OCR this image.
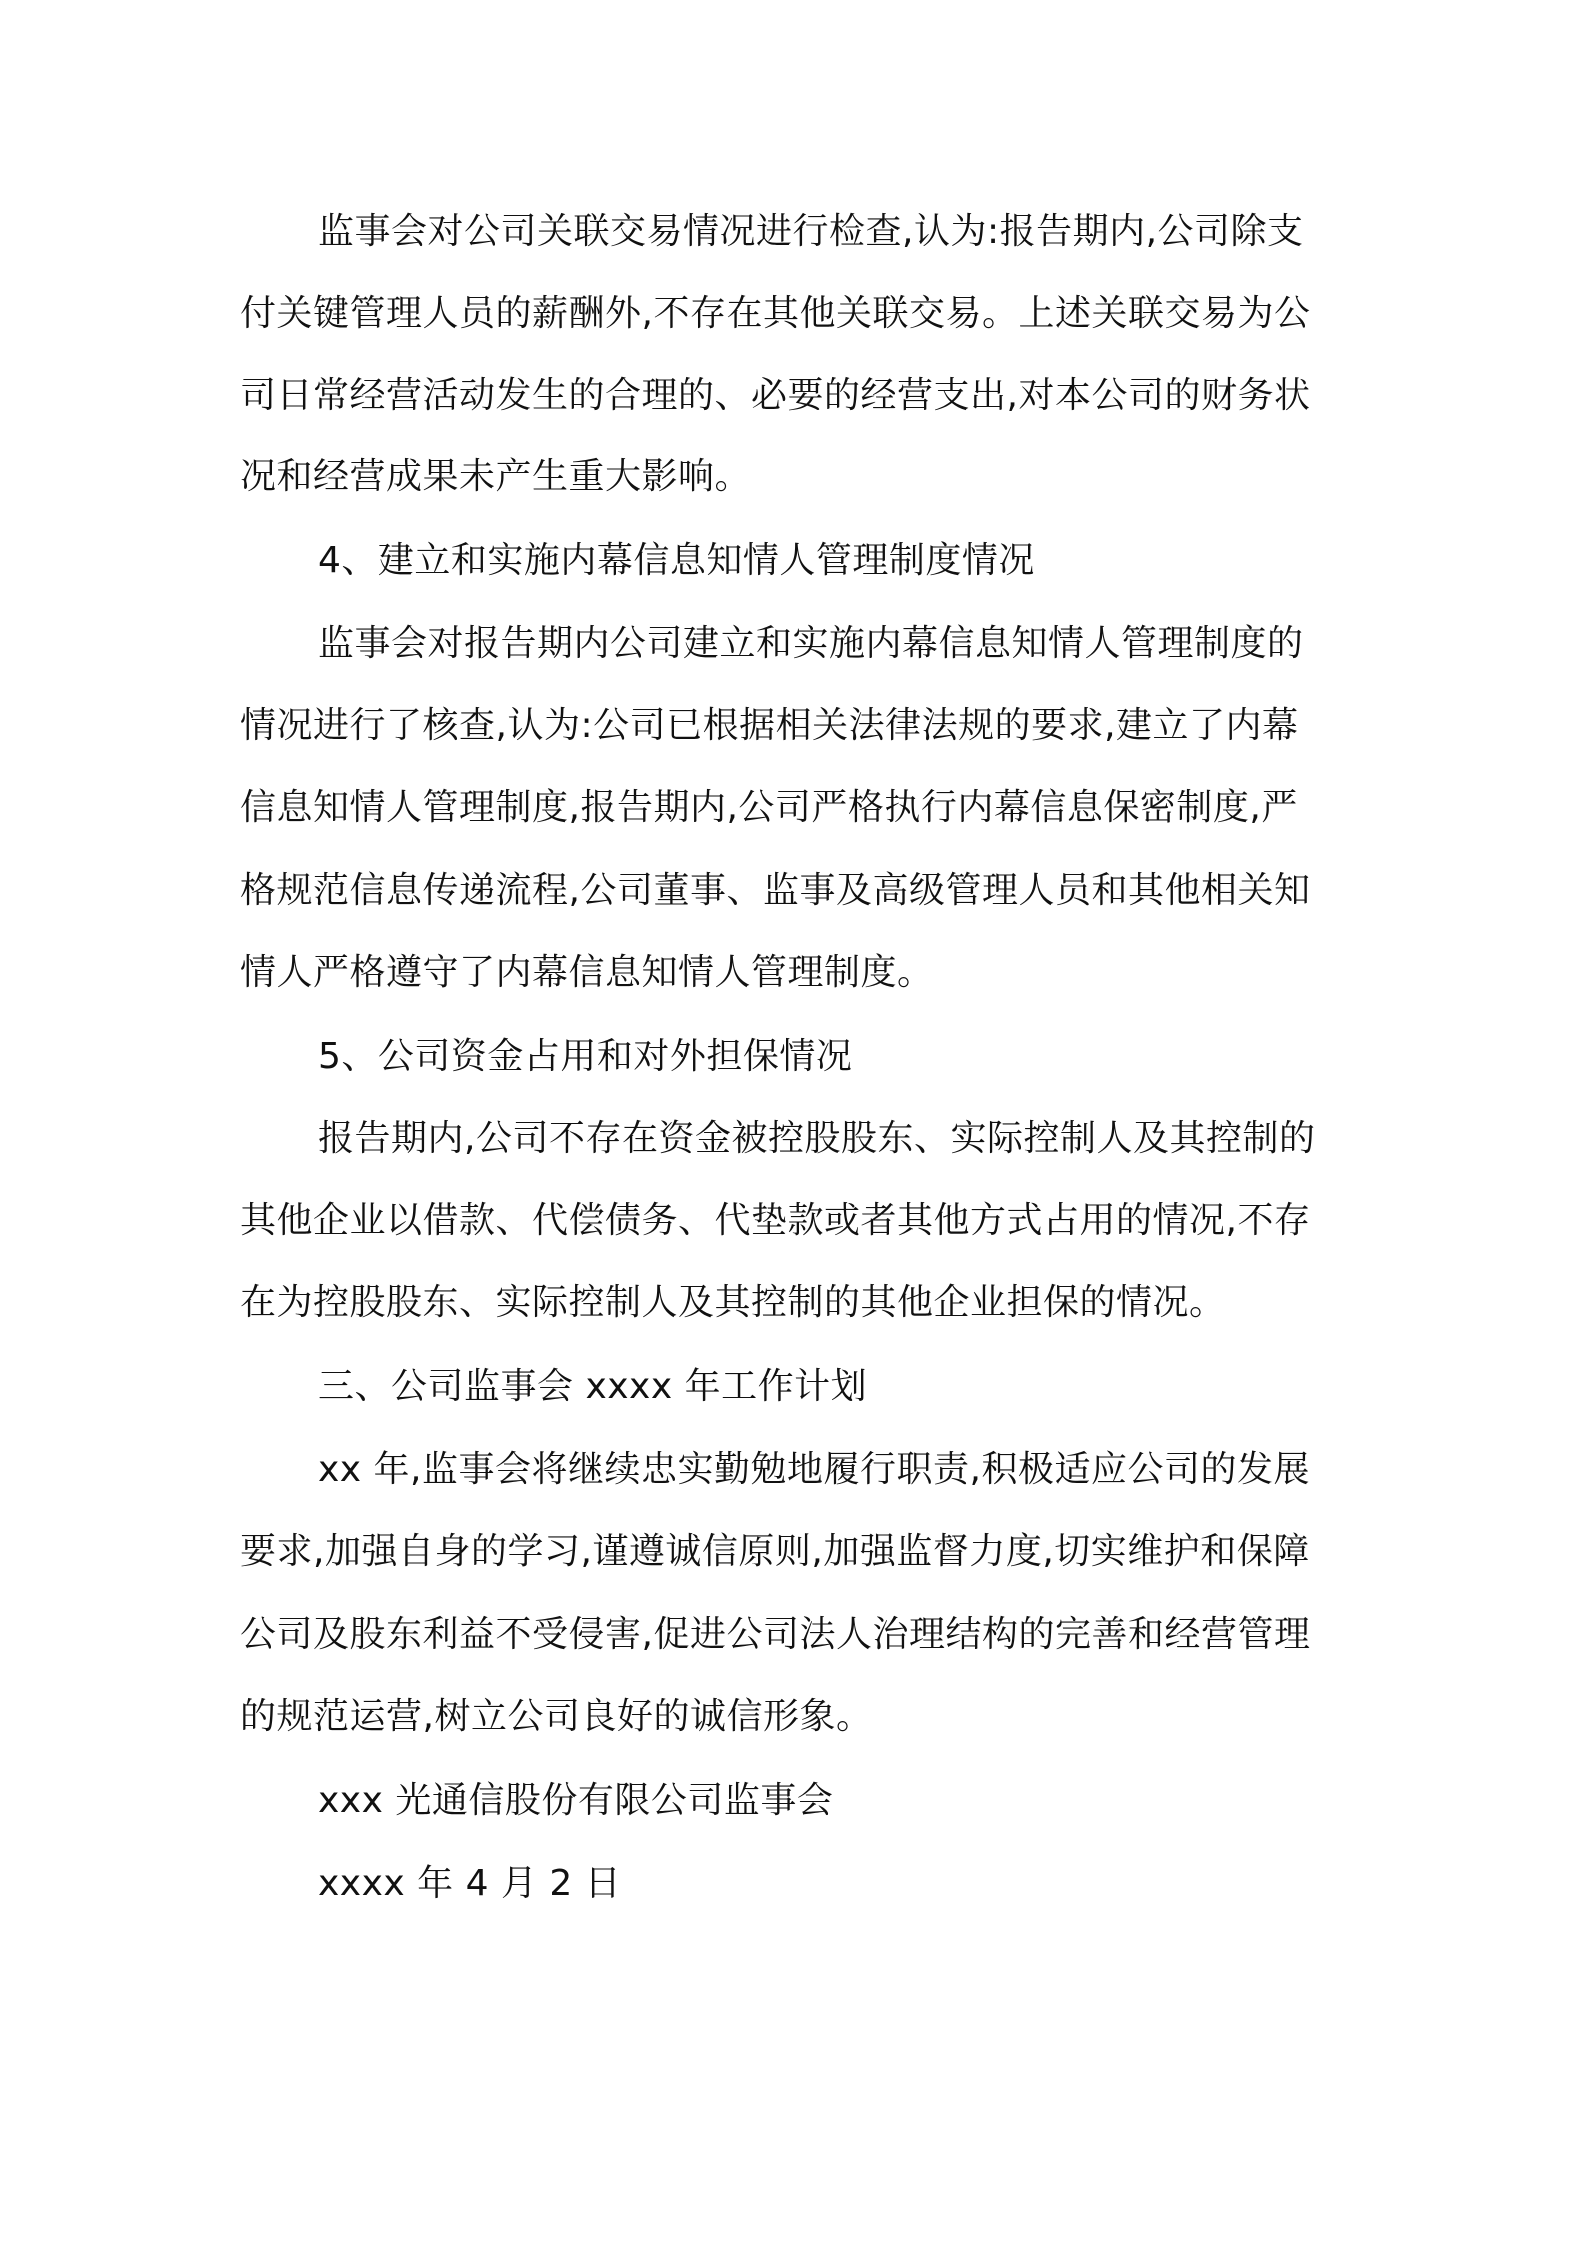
监事会对公司关联交易情况进行检查,认为:报告期内,公司除支
付关键管理人员的薪酬外,不存在其他关联交易。上述关联交易为公
司日常经营活动发生的合理的、必要的经营支出,对本公司的财务状
况和经营成果未产生重大影响。
4、建立和实施内幕信息知情人管理制度情况
监事会对报告期内公司建立和实施内幕信息知情人管理制度的
情况进行了核查,认为:公司已根据相关法律法规的要求,建立了内幕
信息知情人管理制度,报告期内,公司严格执行内幕信息保密制度,严
格规范信息传递流程,公司董事、监事及高级管理人员和其他相关知
情人严格遵守了内幕信息知情人管理制度。
5、公司资金占用和对外担保情况
报告期内,公司不存在资金被控股股东、实际控制人及其控制的
其他企业以借款、代偿债务、代垫款或者其他方式占用的情况,不存
在为控股股东、实际控制人及其控制的其他企业担保的情况。
三、公司监事会 xxxx 年工作计划
xx 年,监事会将继续忠实勤勉地履行职责,积极适应公司的发展
要求,加强自身的学习,谨遵诚信原则,加强监督力度,切实维护和保障
公司及股东利益不受侵害,促进公司法人治理结构的完善和经营管理
的规范运营,树立公司良好的诚信形象。
xxx 光通信股份有限公司监事会
xxxx 年 4 月 2 日
